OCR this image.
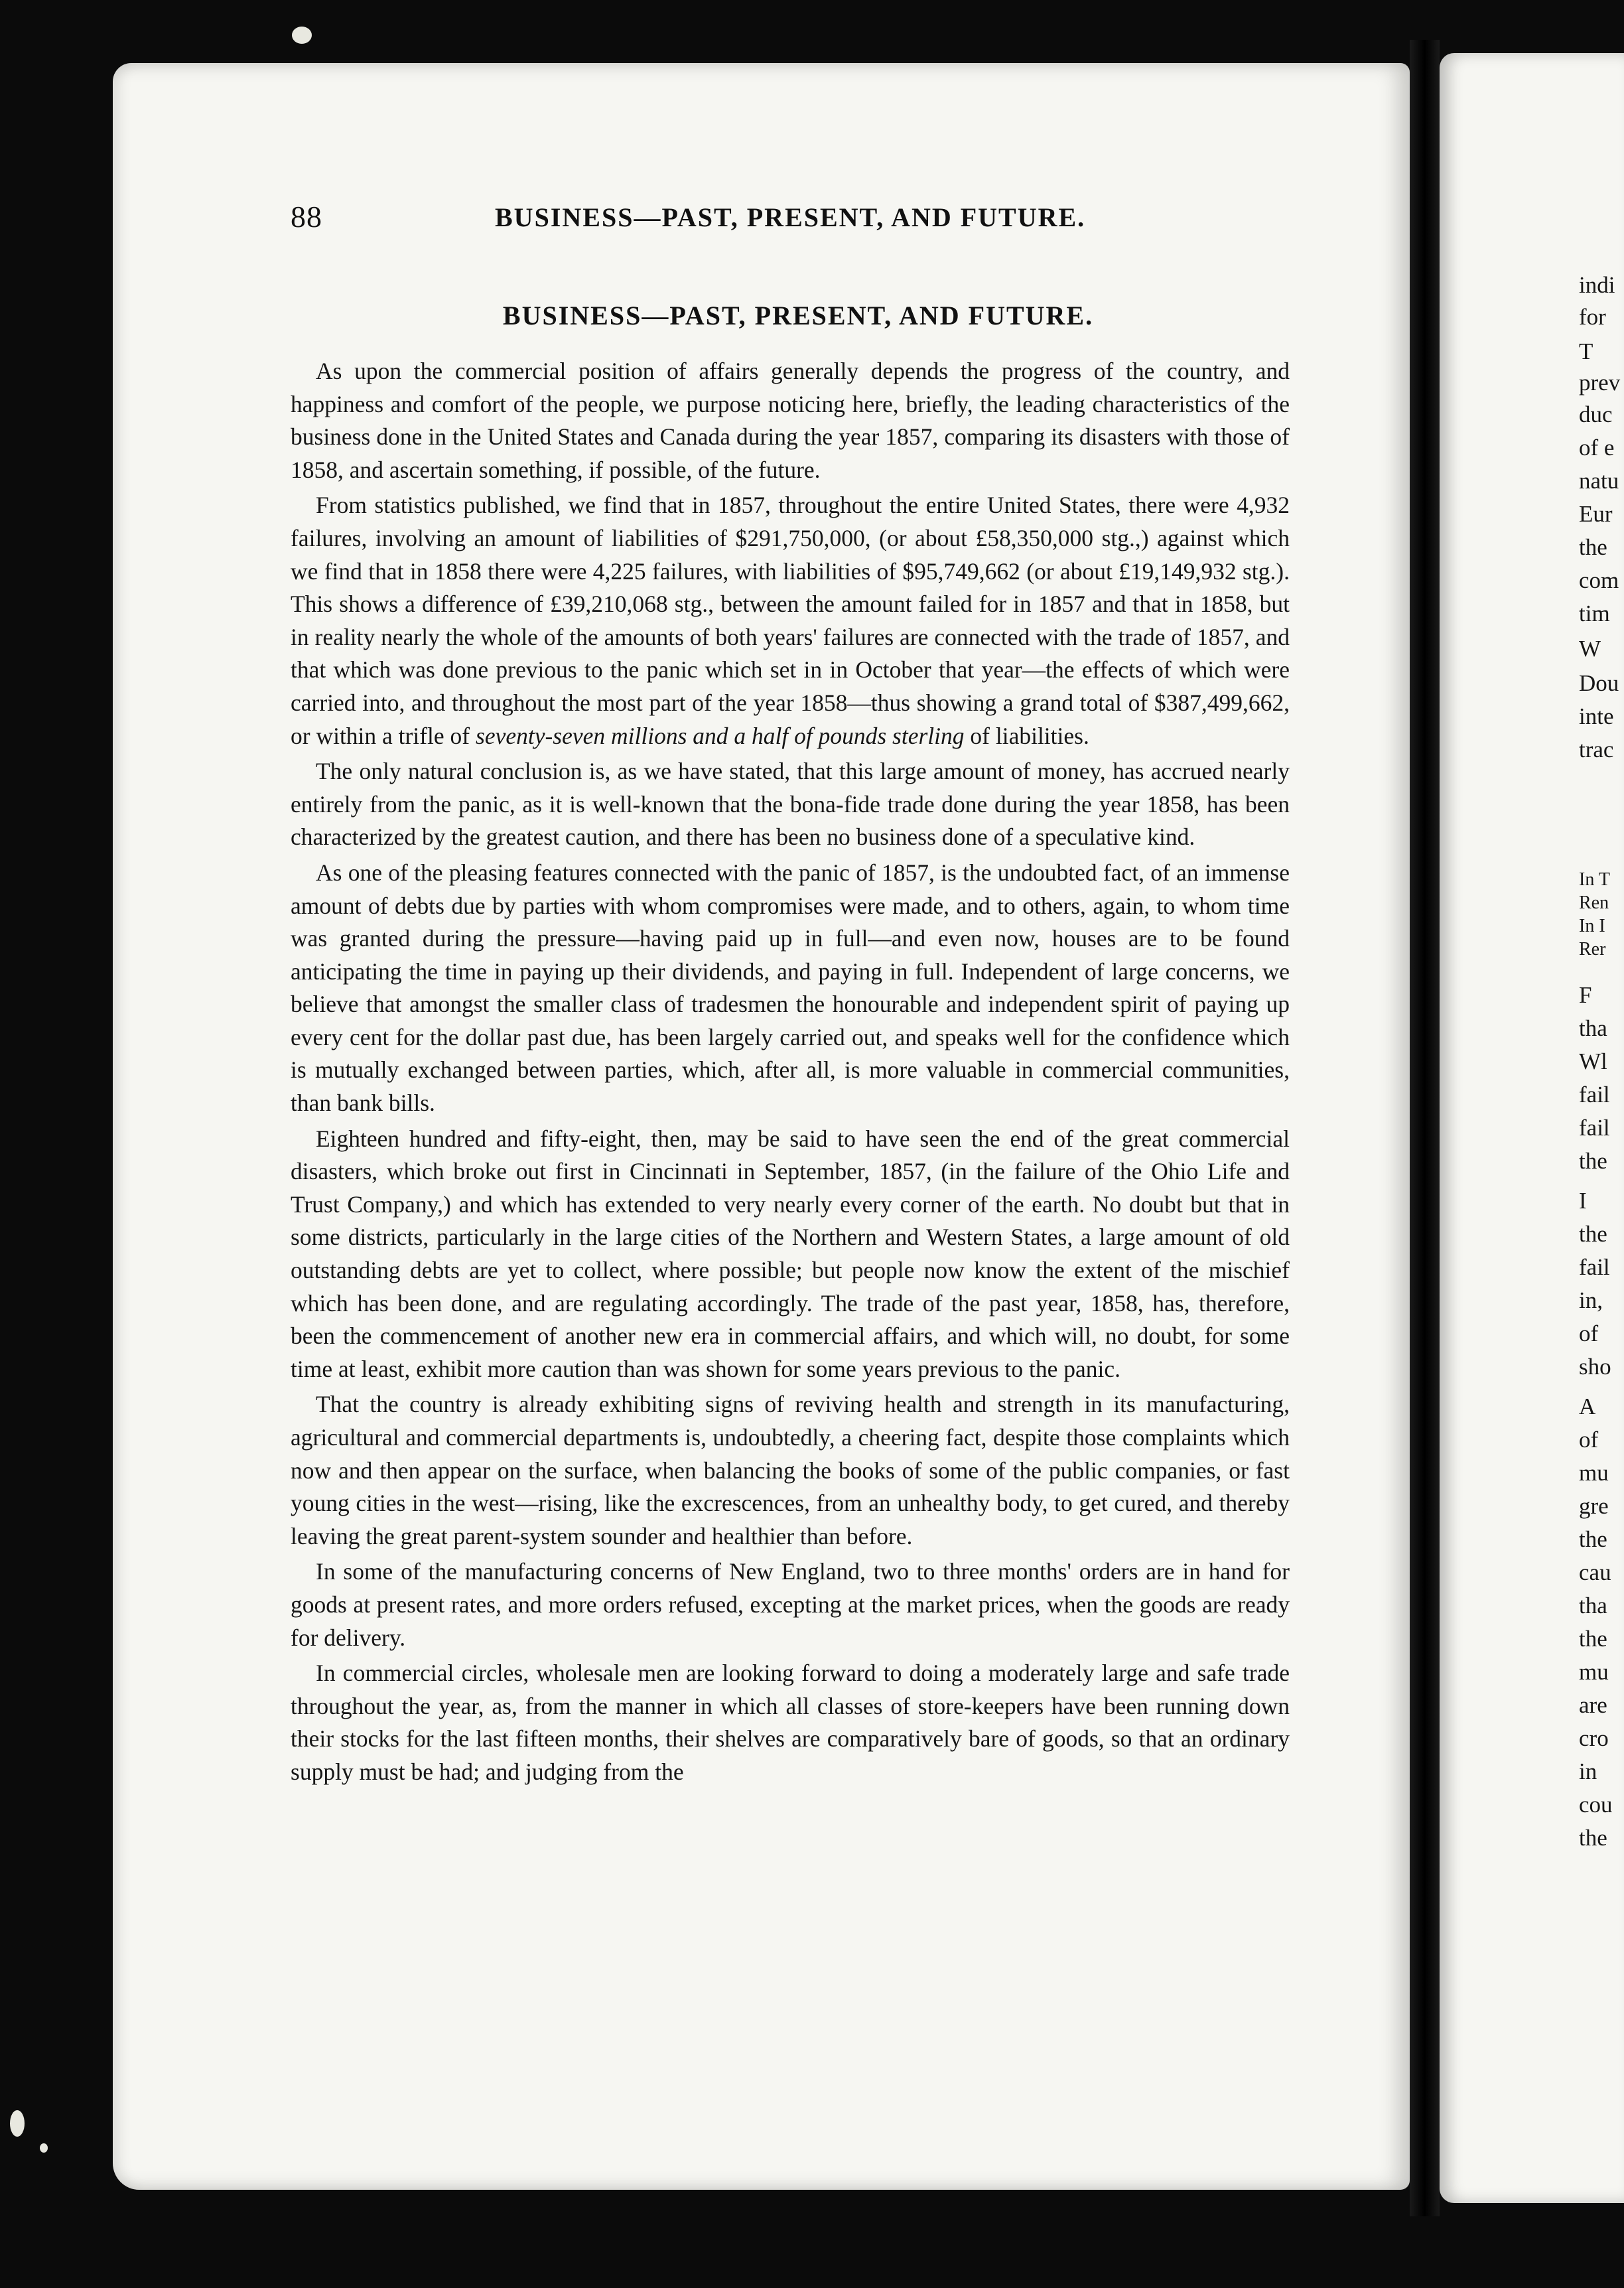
indi
for
T
prev
duc
of e
natu
Eur
the
com
tim
W
Dou
inte
trac
In T
Ren
In I
Rer
F
tha
Wl
fail
fail
the
I
the
fail
in,
of
sho
A
of
mu
gre
the
cau
tha
the
mu
are
cro
in
cou
the
88	BUSINESS—PAST, PRESENT, AND FUTURE.
BUSINESS—PAST, PRESENT, AND FUTURE.

As upon the commercial position of affairs generally depends the progress of the country, and happiness and comfort of the people, we purpose noticing here, briefly, the leading characteristics of the business done in the United States and Canada during the year 1857, comparing its disasters with those of 1858, and ascertain something, if possible, of the future.

From statistics published, we find that in 1857, throughout the entire United States, there were 4,932 failures, involving an amount of liabilities of $291,750,000, (or about £58,350,000 stg.,) against which we find that in 1858 there were 4,225 failures, with liabilities of $95,749,662 (or about £19,149,932 stg.). This shows a difference of £39,210,068 stg., between the amount failed for in 1857 and that in 1858, but in reality nearly the whole of the amounts of both years' failures are connected with the trade of 1857, and that which was done previous to the panic which set in in October that year—the effects of which were carried into, and throughout the most part of the year 1858—thus showing a grand total of $387,499,662, or within a trifle of seventy-seven millions and a half of pounds sterling of liabilities.

The only natural conclusion is, as we have stated, that this large amount of money, has accrued nearly entirely from the panic, as it is well-known that the bona-fide trade done during the year 1858, has been characterized by the greatest caution, and there has been no business done of a speculative kind.

As one of the pleasing features connected with the panic of 1857, is the undoubted fact, of an immense amount of debts due by parties with whom compromises were made, and to others, again, to whom time was granted during the pressure—having paid up in full—and even now, houses are to be found anticipating the time in paying up their dividends, and paying in full. Independent of large concerns, we believe that amongst the smaller class of tradesmen the honourable and independent spirit of paying up every cent for the dollar past due, has been largely carried out, and speaks well for the confidence which is mutually exchanged between parties, which, after all, is more valuable in commercial communities, than bank bills.

Eighteen hundred and fifty-eight, then, may be said to have seen the end of the great commercial disasters, which broke out first in Cincinnati in September, 1857, (in the failure of the Ohio Life and Trust Company,) and which has extended to very nearly every corner of the earth. No doubt but that in some districts, particularly in the large cities of the Northern and Western States, a large amount of old outstanding debts are yet to collect, where possible; but people now know the extent of the mischief which has been done, and are regulating accordingly. The trade of the past year, 1858, has, therefore, been the commencement of another new era in commercial affairs, and which will, no doubt, for some time at least, exhibit more caution than was shown for some years previous to the panic.

That the country is already exhibiting signs of reviving health and strength in its manufacturing, agricultural and commercial departments is, undoubtedly, a cheering fact, despite those complaints which now and then appear on the surface, when balancing the books of some of the public companies, or fast young cities in the west—rising, like the excrescences, from an unhealthy body, to get cured, and thereby leaving the great parent-system sounder and healthier than before.

In some of the manufacturing concerns of New England, two to three months' orders are in hand for goods at present rates, and more orders refused, excepting at the market prices, when the goods are ready for delivery.

In commercial circles, wholesale men are looking forward to doing a moderately large and safe trade throughout the year, as, from the manner in which all classes of store-keepers have been running down their stocks for the last fifteen months, their shelves are comparatively bare of goods, so that an ordinary supply must be had; and judging from the
